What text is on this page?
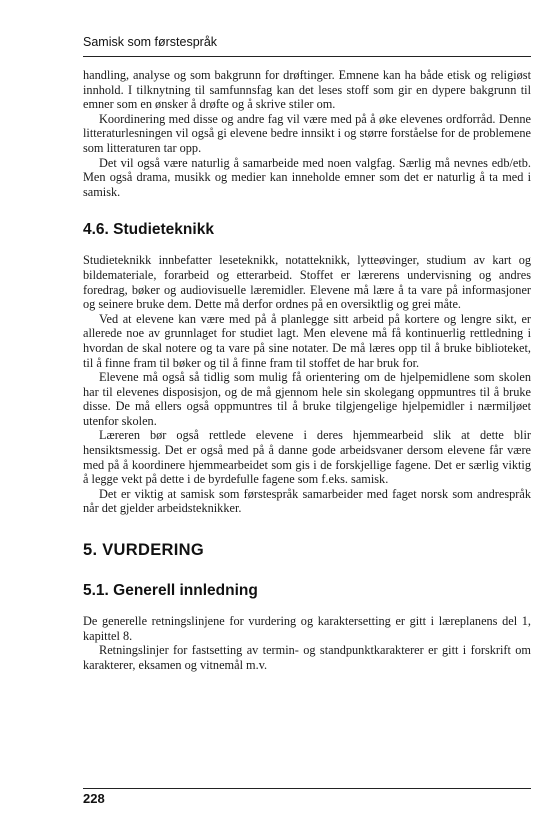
Samisk som førstespråk

handling, analyse og som bakgrunn for drøftinger. Emnene kan ha både etisk og religiøst innhold. I tilknytning til samfunnsfag kan det leses stoff som gir en dypere bakgrunn til emner som en ønsker å drøfte og å skrive stiler om.

Koordinering med disse og andre fag vil være med på å øke elevenes ordforråd. Denne litteraturlesningen vil også gi elevene bedre innsikt i og større forståelse for de problemene som litteraturen tar opp.

Det vil også være naturlig å samarbeide med noen valgfag. Særlig må nevnes edb/etb. Men også drama, musikk og medier kan inneholde emner som det er naturlig å ta med i samisk.

4.6. Studieteknikk

Studieteknikk innbefatter leseteknikk, notatteknikk, lytteøvinger, studium av kart og bildemateriale, forarbeid og etterarbeid. Stoffet er lærerens undervisning og andres foredrag, bøker og audiovisuelle læremidler. Elevene må lære å ta vare på informasjoner og seinere bruke dem. Dette må derfor ordnes på en oversiktlig og grei måte.

Ved at elevene kan være med på å planlegge sitt arbeid på kortere og lengre sikt, er allerede noe av grunnlaget for studiet lagt. Men elevene må få kontinuerlig rettledning i hvordan de skal notere og ta vare på sine notater. De må læres opp til å bruke biblioteket, til å finne fram til bøker og til å finne fram til stoffet de har bruk for.

Elevene må også så tidlig som mulig få orientering om de hjelpemidlene som skolen har til elevenes disposisjon, og de må gjennom hele sin skolegang oppmuntres til å bruke disse. De må ellers også oppmuntres til å bruke tilgjengelige hjelpemidler i nærmiljøet utenfor skolen.

Læreren bør også rettlede elevene i deres hjemmearbeid slik at dette blir hensiktsmessig. Det er også med på å danne gode arbeidsvaner dersom elevene får være med på å koordinere hjemmearbeidet som gis i de forskjellige fagene. Det er særlig viktig å legge vekt på dette i de byrdefulle fagene som f.eks. samisk.

Det er viktig at samisk som førstespråk samarbeider med faget norsk som andrespråk når det gjelder arbeidsteknikker.

5. VURDERING
5.1. Generell innledning

De generelle retningslinjene for vurdering og karaktersetting er gitt i læreplanens del 1, kapittel 8.

Retningslinjer for fastsetting av termin- og standpunktkarakterer er gitt i forskrift om karakterer, eksamen og vitnemål m.v.

228
